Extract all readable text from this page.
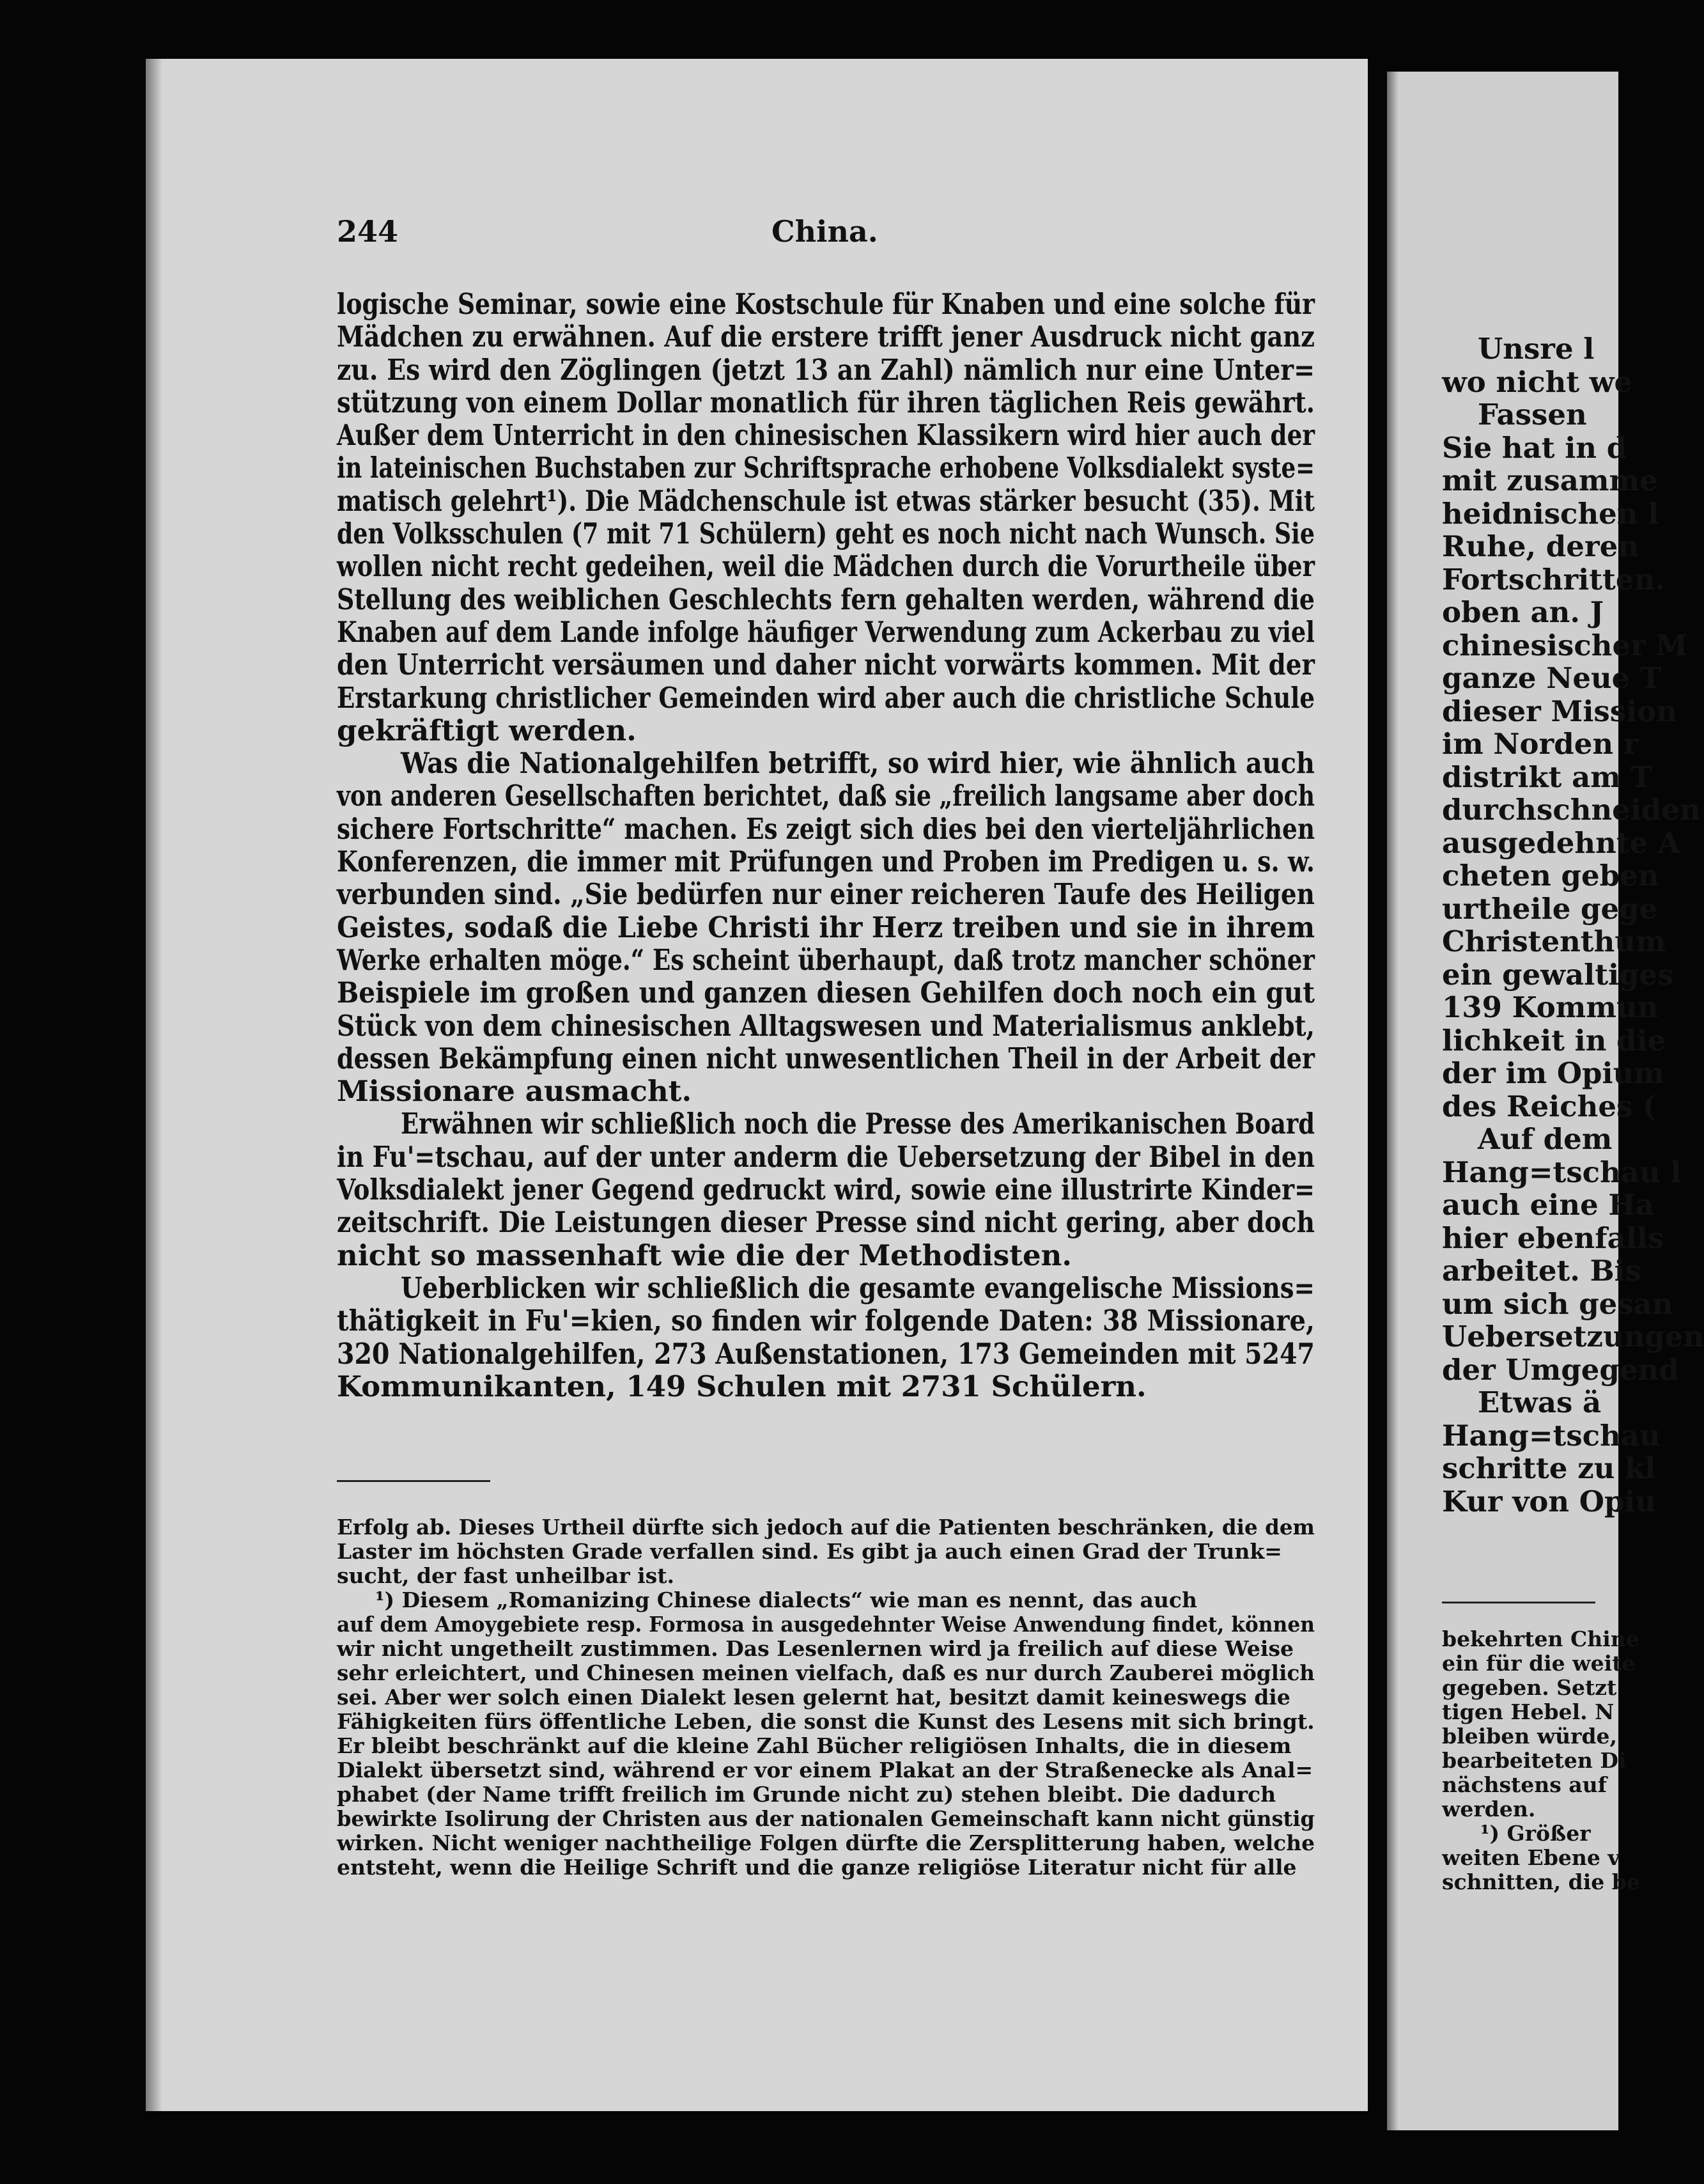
244	China.
logische Seminar, sowie eine Kostschule für Knaben und eine solche für
Mädchen zu erwähnen. Auf die erstere trifft jener Ausdruck nicht ganz
zu. Es wird den Zöglingen (jetzt 13 an Zahl) nämlich nur eine Unter=
stützung von einem Dollar monatlich für ihren täglichen Reis gewährt.
Außer dem Unterricht in den chinesischen Klassikern wird hier auch der
in lateinischen Buchstaben zur Schriftsprache erhobene Volksdialekt syste=
matisch gelehrt¹). Die Mädchenschule ist etwas stärker besucht (35). Mit
den Volksschulen (7 mit 71 Schülern) geht es noch nicht nach Wunsch. Sie
wollen nicht recht gedeihen, weil die Mädchen durch die Vorurtheile über
Stellung des weiblichen Geschlechts fern gehalten werden, während die
Knaben auf dem Lande infolge häufiger Verwendung zum Ackerbau zu viel
den Unterricht versäumen und daher nicht vorwärts kommen. Mit der
Erstarkung christlicher Gemeinden wird aber auch die christliche Schule
gekräftigt werden.
Was die Nationalgehilfen betrifft, so wird hier, wie ähnlich auch
von anderen Gesellschaften berichtet, daß sie „freilich langsame aber doch
sichere Fortschritte“ machen. Es zeigt sich dies bei den vierteljährlichen
Konferenzen, die immer mit Prüfungen und Proben im Predigen u. s. w.
verbunden sind. „Sie bedürfen nur einer reicheren Taufe des Heiligen
Geistes, sodaß die Liebe Christi ihr Herz treiben und sie in ihrem
Werke erhalten möge.“ Es scheint überhaupt, daß trotz mancher schöner
Beispiele im großen und ganzen diesen Gehilfen doch noch ein gut
Stück von dem chinesischen Alltagswesen und Materialismus anklebt,
dessen Bekämpfung einen nicht unwesentlichen Theil in der Arbeit der
Missionare ausmacht.
Erwähnen wir schließlich noch die Presse des Amerikanischen Board
in Fu'=tschau, auf der unter anderm die Uebersetzung der Bibel in den
Volksdialekt jener Gegend gedruckt wird, sowie eine illustrirte Kinder=
zeitschrift. Die Leistungen dieser Presse sind nicht gering, aber doch
nicht so massenhaft wie die der Methodisten.
Ueberblicken wir schließlich die gesamte evangelische Missions=
thätigkeit in Fu'=kien, so finden wir folgende Daten: 38 Missionare,
320 Nationalgehilfen, 273 Außenstationen, 173 Gemeinden mit 5247
Kommunikanten, 149 Schulen mit 2731 Schülern.
Erfolg ab. Dieses Urtheil dürfte sich jedoch auf die Patienten beschränken, die dem
Laster im höchsten Grade verfallen sind. Es gibt ja auch einen Grad der Trunk=
sucht, der fast unheilbar ist.
¹) Diesem „Romanizing Chinese dialects“ wie man es nennt, das auch
auf dem Amoygebiete resp. Formosa in ausgedehnter Weise Anwendung findet, können
wir nicht ungetheilt zustimmen. Das Lesenlernen wird ja freilich auf diese Weise
sehr erleichtert, und Chinesen meinen vielfach, daß es nur durch Zauberei möglich
sei. Aber wer solch einen Dialekt lesen gelernt hat, besitzt damit keineswegs die
Fähigkeiten fürs öffentliche Leben, die sonst die Kunst des Lesens mit sich bringt.
Er bleibt beschränkt auf die kleine Zahl Bücher religiösen Inhalts, die in diesem
Dialekt übersetzt sind, während er vor einem Plakat an der Straßenecke als Anal=
phabet (der Name trifft freilich im Grunde nicht zu) stehen bleibt. Die dadurch
bewirkte Isolirung der Christen aus der nationalen Gemeinschaft kann nicht günstig
wirken. Nicht weniger nachtheilige Folgen dürfte die Zersplitterung haben, welche
entsteht, wenn die Heilige Schrift und die ganze religiöse Literatur nicht für alle
Unsre l
wo nicht we
Fassen
Sie hat in d
mit zusamme
heidnischen l
Ruhe, deren
Fortschritten.
oben an. J
chinesischer M
ganze Neue T
dieser Mission
im Norden r
distrikt am T
durchschneiden
ausgedehnte A
cheten geben
urtheile gege
Christenthum
ein gewaltiges
139 Kommun
lichkeit in die
der im Opium
des Reiches (
Auf dem
Hang=tschau l
auch eine Ha
hier ebenfalls
arbeitet. Bis
um sich gesan
Uebersetzungen
der Umgegend
Etwas ä
Hang=tschau
schritte zu kl
Kur von Opiu
bekehrten Chine
ein für die weite
gegeben. Setzt
tigen Hebel. N
bleiben würde,
bearbeiteten Di
nächstens auf
werden.
¹) Größer
weiten Ebene v
schnitten, die be
